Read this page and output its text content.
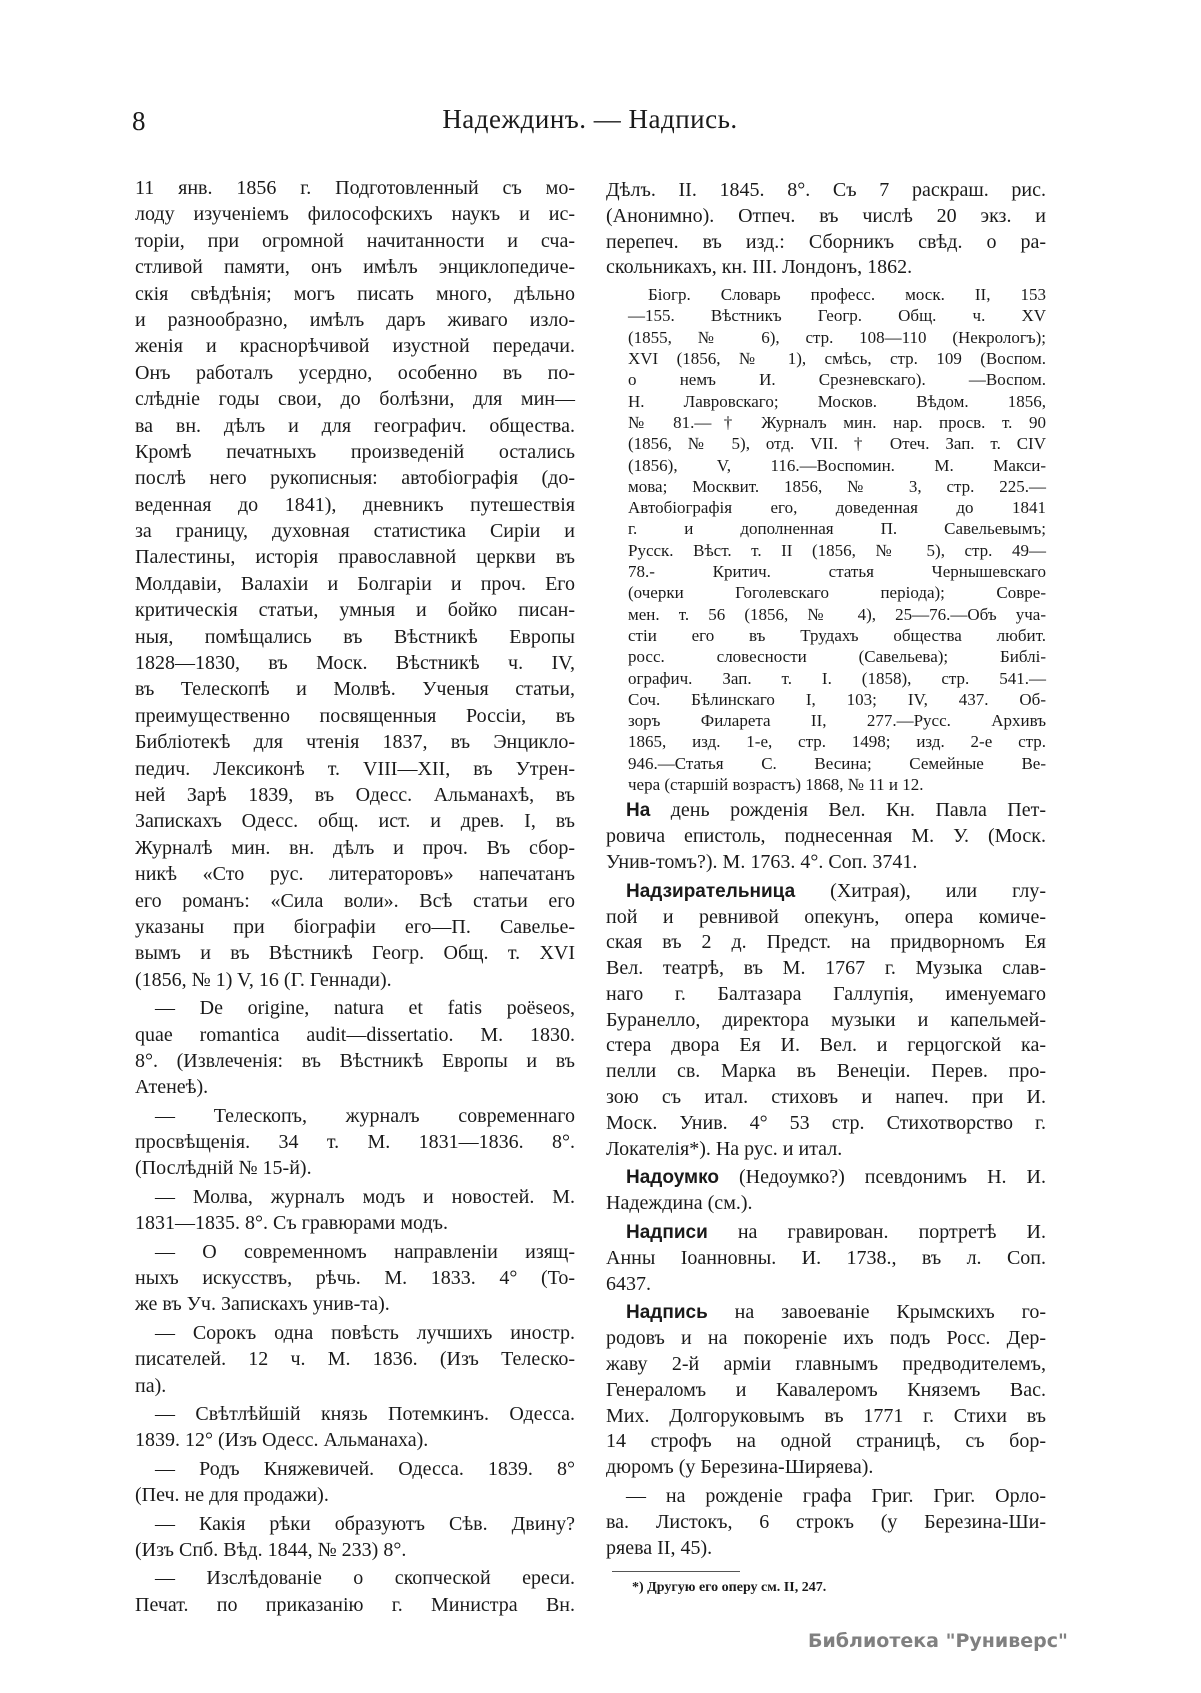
8	Надеждинъ. — Надпись.
11 янв. 1856 г. Подготовленный съ мо-
лоду изученіемъ философскихъ наукъ и ис-
торіи, при огромной начитанности и сча-
стливой памяти, онъ имѣлъ энциклопедиче-
скія свѣдѣнія; могъ писать много, дѣльно
и разнообразно, имѣлъ даръ живаго изло-
женія и краснорѣчивой изустной передачи.
Онъ работалъ усердно, особенно въ по-
слѣдніе годы свои, до болѣзни, для мин—
ва вн. дѣлъ и для географич. общества.
Кромѣ печатныхъ произведеній остались
послѣ него рукописныя: автобіографія (до-
веденная до 1841), дневникъ путешествія
за границу, духовная статистика Сиріи и
Палестины, исторія православной церкви въ
Молдавіи, Валахіи и Болгаріи и проч. Его
критическія статьи, умныя и бойко писан-
ныя, помѣщались въ Вѣстникѣ Европы
1828—1830, въ Моск. Вѣстникѣ ч. IV,
въ Телескопѣ и Молвѣ. Ученыя статьи,
преимущественно посвященныя Россіи, въ
Библіотекѣ для чтенія 1837, въ Энцикло-
педич. Лексиконѣ т. VIII—XII, въ Утрен-
ней Зарѣ 1839, въ Одесс. Альманахѣ, въ
Запискахъ Одесс. общ. ист. и древ. I, въ
Журналѣ мин. вн. дѣлъ и проч. Въ сбор-
никѣ «Сто рус. литераторовъ» напечатанъ
его романъ: «Сила воли». Всѣ статьи его
указаны при біографіи его—П. Савелье-
вымъ и въ Вѣстникѣ Геогр. Общ. т. XVI
(1856, № 1) V, 16 (Г. Геннади).
— De origine, natura et fatis poëseos,
quae romantica audit—dissertatio. M. 1830.
8°. (Извлеченія: въ Вѣстникѣ Европы и въ
Атенеѣ).
— Телескопъ, журналъ современнаго
просвѣщенія. 34 т. М. 1831—1836. 8°.
(Послѣдній № 15-й).
— Молва, журналъ модъ и новостей. М.
1831—1835. 8°. Съ гравюрами модъ.
— О современномъ направленіи изящ-
ныхъ искусствъ, рѣчь. М. 1833. 4° (То-
же въ Уч. Запискахъ унив-та).
— Сорокъ одна повѣсть лучшихъ иностр.
писателей. 12 ч. М. 1836. (Изъ Телеско-
па).
— Свѣтлѣйшій князь Потемкинъ. Одесса.
1839. 12° (Изъ Одесс. Альманаха).
— Родъ Княжевичей. Одесса. 1839. 8°
(Печ. не для продажи).
— Какія рѣки образуютъ Сѣв. Двину?
(Изъ Спб. Вѣд. 1844, № 233) 8°.
— Изслѣдованіе о скопческой ереси.
Печат. по приказанію г. Министра Вн.
Дѣлъ. II. 1845. 8°. Съ 7 раскраш. рис.
(Анонимно). Отпеч. въ числѣ 20 экз. и
перепеч. въ изд.: Сборникъ свѣд. о ра-
скольникахъ, кн. III. Лондонъ, 1862.
Біогр. Словарь професс. моск. II, 153
—155. Вѣстникъ Геогр. Общ. ч. XV
(1855, № 6), стр. 108—110 (Некрологъ);
XVI (1856, № 1), смѣсь, стр. 109 (Воспом.
о немъ И. Срезневскаго). —Воспом.
Н. Лавровскаго; Москов. Вѣдом. 1856,
№ 81.—† Журналъ мин. нар. просв. т. 90
(1856, № 5), отд. VII. † Отеч. Зап. т. CIV
(1856), V, 116.—Воспомин. М. Макси-
мова; Москвит. 1856, № 3, стр. 225.—
Автобіографія его, доведенная до 1841
г. и дополненная П. Савельевымъ;
Русск. Вѣст. т. II (1856, № 5), стр. 49—
78.- Критич. статья Чернышевскаго
(очерки Гоголевскаго періода); Совре-
мен. т. 56 (1856, № 4), 25—76.—Объ уча-
стіи его въ Трудахъ общества любит.
росс. словесности (Савельева); Библі-
ографич. Зап. т. I. (1858), стр. 541.—
Соч. Бѣлинскаго I, 103; IV, 437. Об-
зоръ Филарета II, 277.—Русс. Архивъ
1865, изд. 1-е, стр. 1498; изд. 2-е стр.
946.—Статья С. Весина; Семейные Ве-
чера (старшій возрастъ) 1868, № 11 и 12.
На день рожденія Вел. Кн. Павла Пет-
ровича епистоль, поднесенная М. У. (Моск.
Унив-томъ?). М. 1763. 4°. Соп. 3741.
Надзирательница (Хитрая), или глу-
пой и ревнивой опекунъ, опера комиче-
ская въ 2 д. Предст. на придворномъ Ея
Вел. театрѣ, въ М. 1767 г. Музыка слав-
наго г. Балтазара Галлупія, именуемаго
Буранелло, директора музыки и капельмей-
стера двора Ея И. Вел. и герцогской ка-
пелли св. Марка въ Венеціи. Перев. про-
зою съ итал. стиховъ и напеч. при И.
Моск. Унив. 4° 53 стр. Стихотворство г.
Локателія*). На рус. и итал.
Надоумко (Недоумко?) псевдонимъ Н. И.
Надеждина (см.).
Надписи на гравирован. портретѣ И.
Анны Іоанновны. И. 1738., въ л. Соп.
6437.
Надпись на завоеваніе Крымскихъ го-
родовъ и на покореніе ихъ подъ Росс. Дер-
жаву 2-й арміи главнымъ предводителемъ,
Генераломъ и Кавалеромъ Княземъ Вас.
Мих. Долгоруковымъ въ 1771 г. Стихи въ
14 строфъ на одной страницѣ, съ бор-
дюромъ (у Березина-Ширяева).
— на рожденіе графа Григ. Григ. Орло-
ва. Листокъ, 6 строкъ (у Березина-Ши-
ряева II, 45).
*) Другую его оперу см. II, 247.
Библиотека "Руниверс"
